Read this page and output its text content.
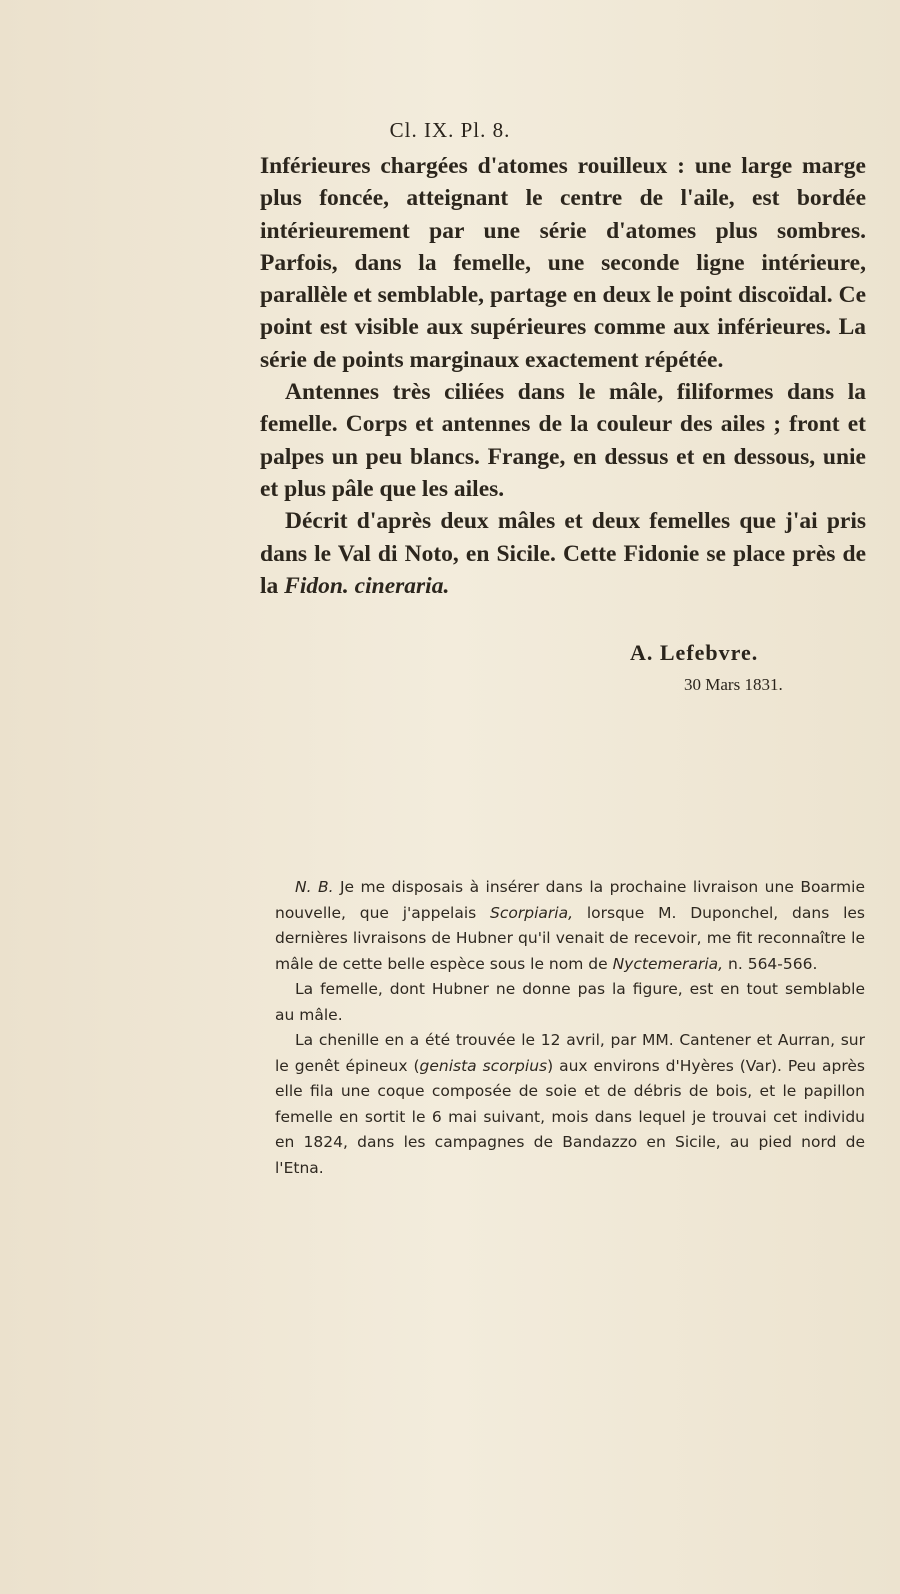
Cl. IX. Pl. 8.

Inférieures chargées d'atomes rouilleux : une large marge plus foncée, atteignant le centre de l'aile, est bordée intérieurement par une série d'atomes plus sombres. Parfois, dans la femelle, une seconde ligne intérieure, parallèle et semblable, partage en deux le point discoïdal. Ce point est visible aux supérieures comme aux inférieures. La série de points marginaux exactement répétée.

Antennes très ciliées dans le mâle, filiformes dans la femelle. Corps et antennes de la couleur des ailes ; front et palpes un peu blancs. Frange, en dessus et en dessous, unie et plus pâle que les ailes.

Décrit d'après deux mâles et deux femelles que j'ai pris dans le Val di Noto, en Sicile. Cette Fidonie se place près de la Fidon. cineraria.

A. Lefebvre.
30 Mars 1831.

N. B. Je me disposais à insérer dans la prochaine livraison une Boarmie nouvelle, que j'appelais Scorpiaria, lorsque M. Duponchel, dans les dernières livraisons de Hubner qu'il venait de recevoir, me fit reconnaître le mâle de cette belle espèce sous le nom de Nyctemeraria, n. 564-566.

La femelle, dont Hubner ne donne pas la figure, est en tout semblable au mâle.

La chenille en a été trouvée le 12 avril, par MM. Cantener et Aurran, sur le genêt épineux (genista scorpius) aux environs d'Hyères (Var). Peu après elle fila une coque composée de soie et de débris de bois, et le papillon femelle en sortit le 6 mai suivant, mois dans lequel je trouvai cet individu en 1824, dans les campagnes de Bandazzo en Sicile, au pied nord de l'Etna.
